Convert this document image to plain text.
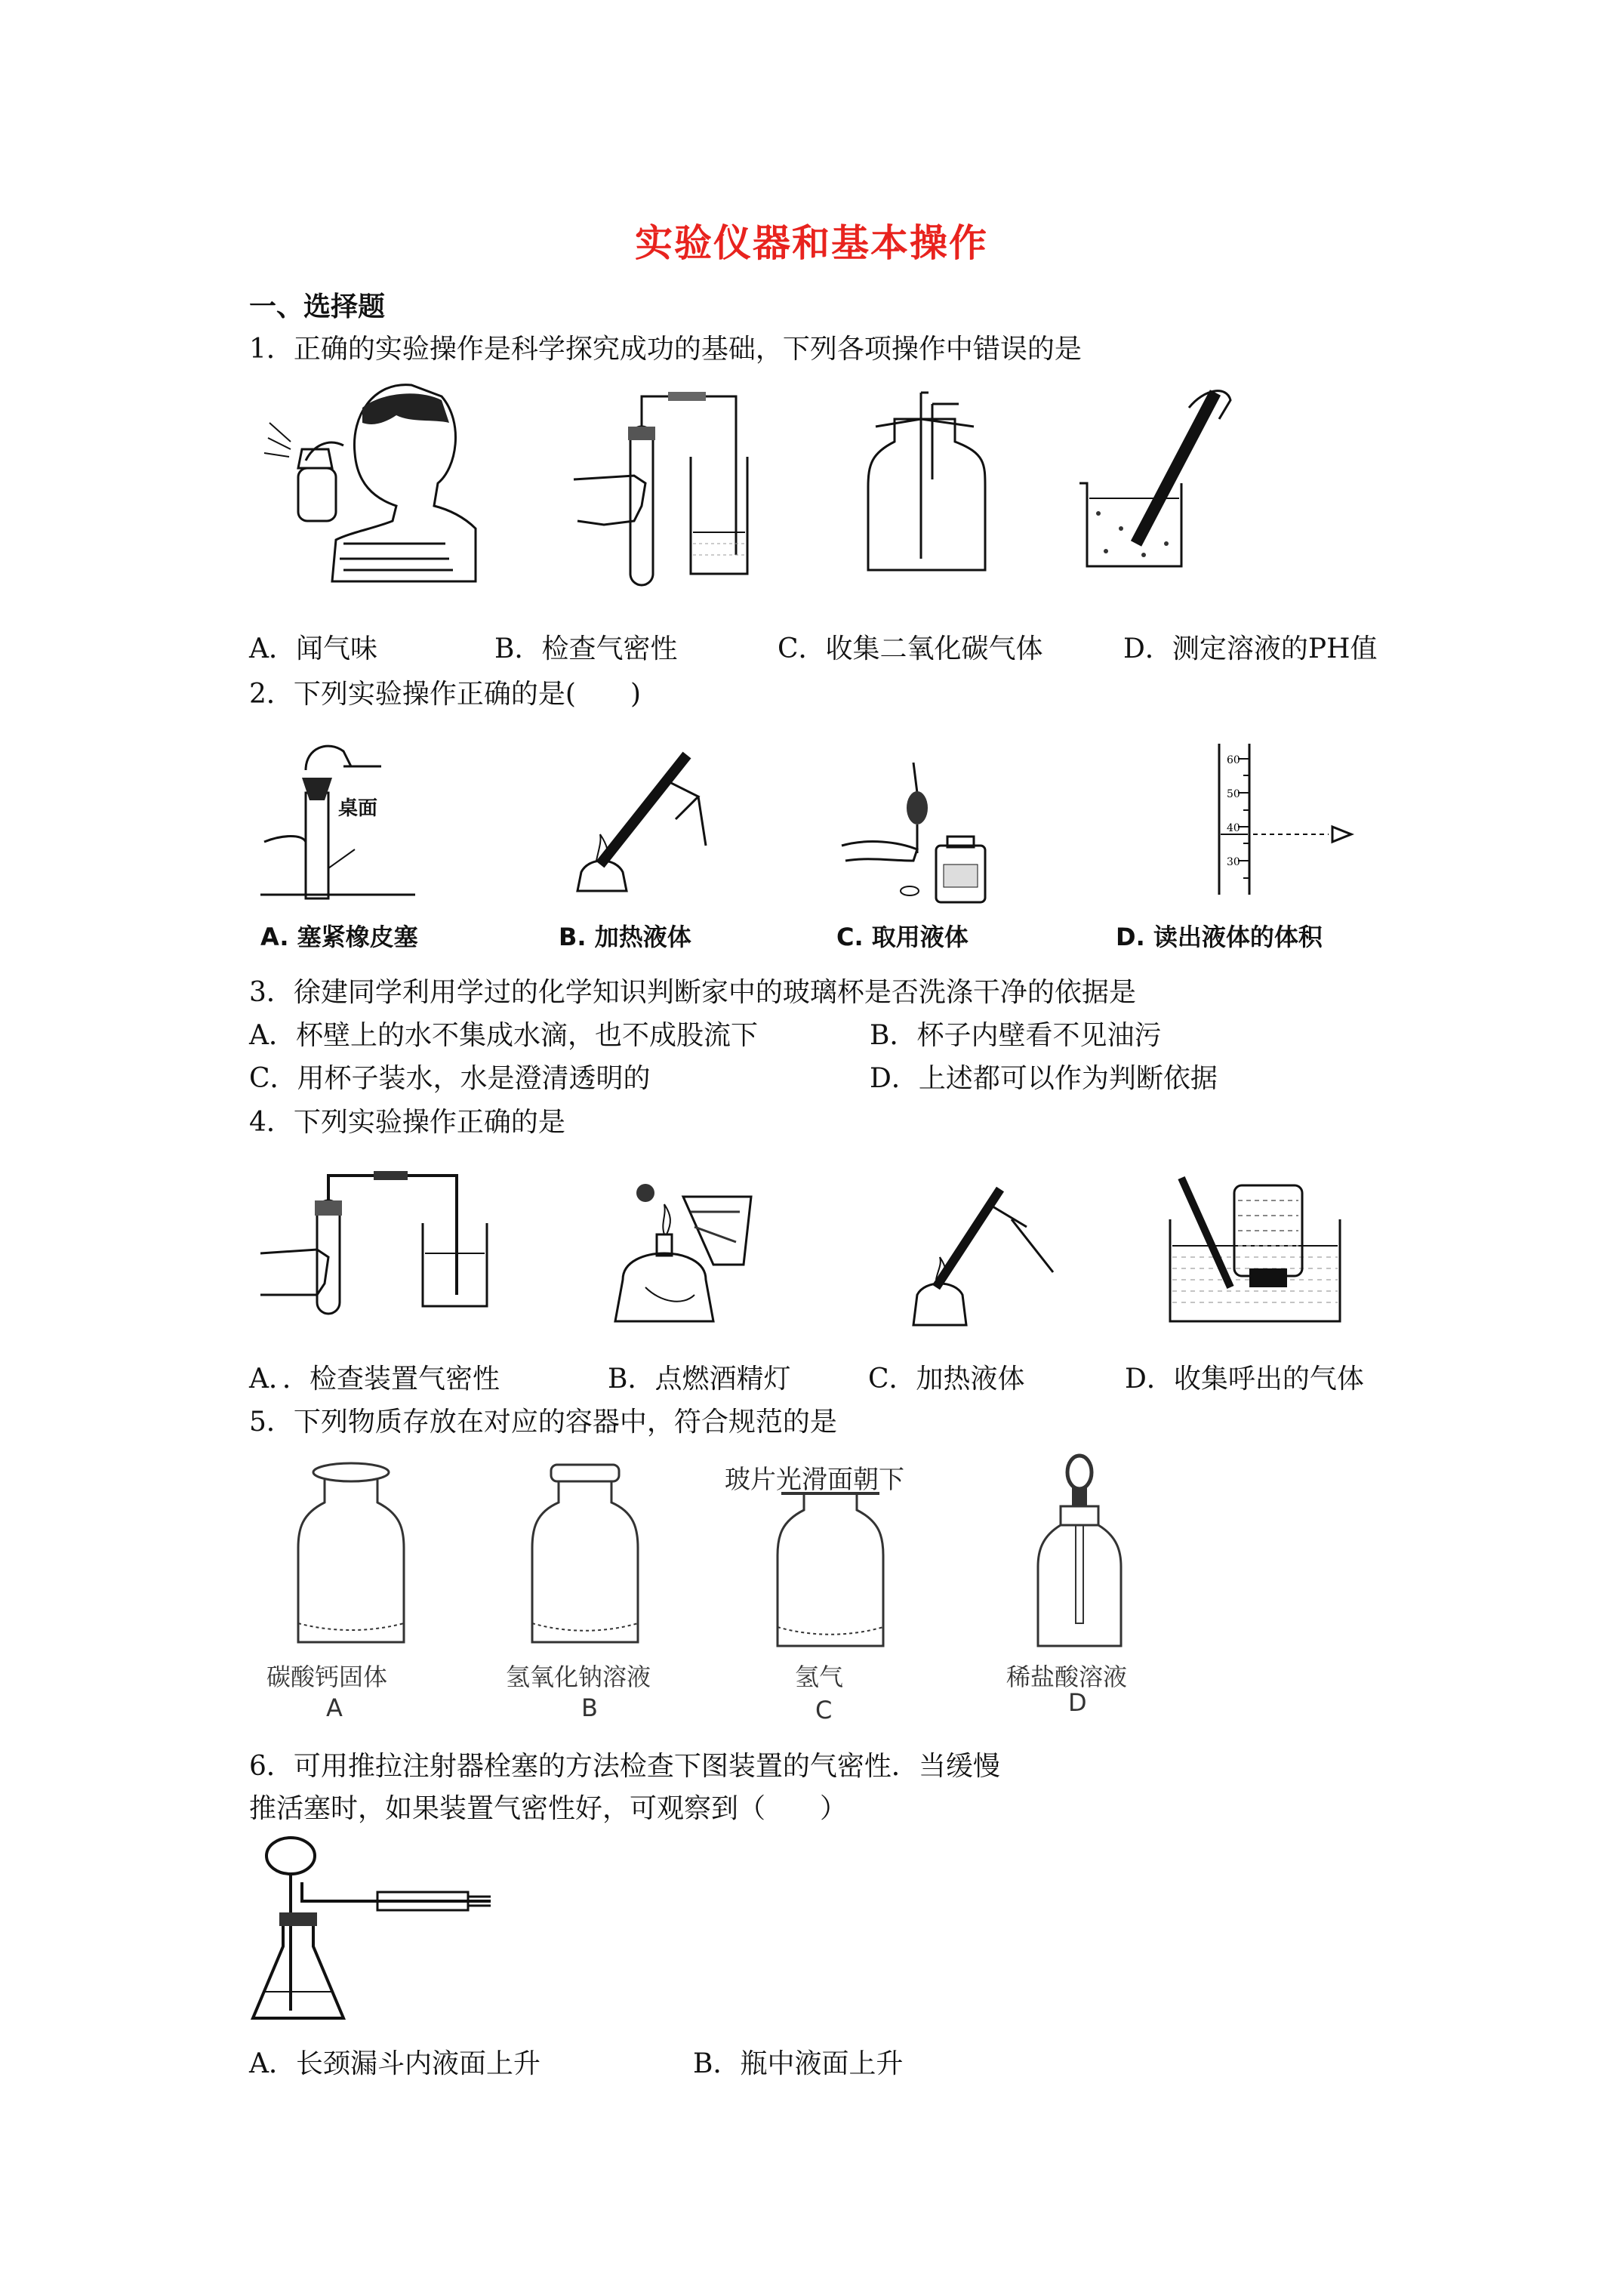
实验仪器和基本操作
一、选择题
1．正确的实验操作是科学探究成功的基础，下列各项操作中错误的是
A．闻气味	B．检查气密性	C．收集二氧化碳气体	D．测定溶液的PH值
2．下列实验操作正确的是(　　)
桌面
60
50
40
30
A. 塞紧橡皮塞	B. 加热液体	C. 取用液体	D. 读出液体的体积
3．徐建同学利用学过的化学知识判断家中的玻璃杯是否洗涤干净的依据是
A．杯壁上的水不集成水滴，也不成股流下	B．杯子内壁看不见油污
C．用杯子装水，水是澄清透明的	D．上述都可以作为判断依据
4．下列实验操作正确的是
A．．检查装置气密性	B．点燃酒精灯	C．加热液体	D．收集呼出的气体
5．下列物质存放在对应的容器中，符合规范的是
玻片光滑面朝下
碳酸钙固体	氢氧化钠溶液	氢气	稀盐酸溶液
A	B	C	D
6．可用推拉注射器栓塞的方法检查下图装置的气密性．当缓慢
推活塞时，如果装置气密性好，可观察到（　　）
A．长颈漏斗内液面上升	B．瓶中液面上升
